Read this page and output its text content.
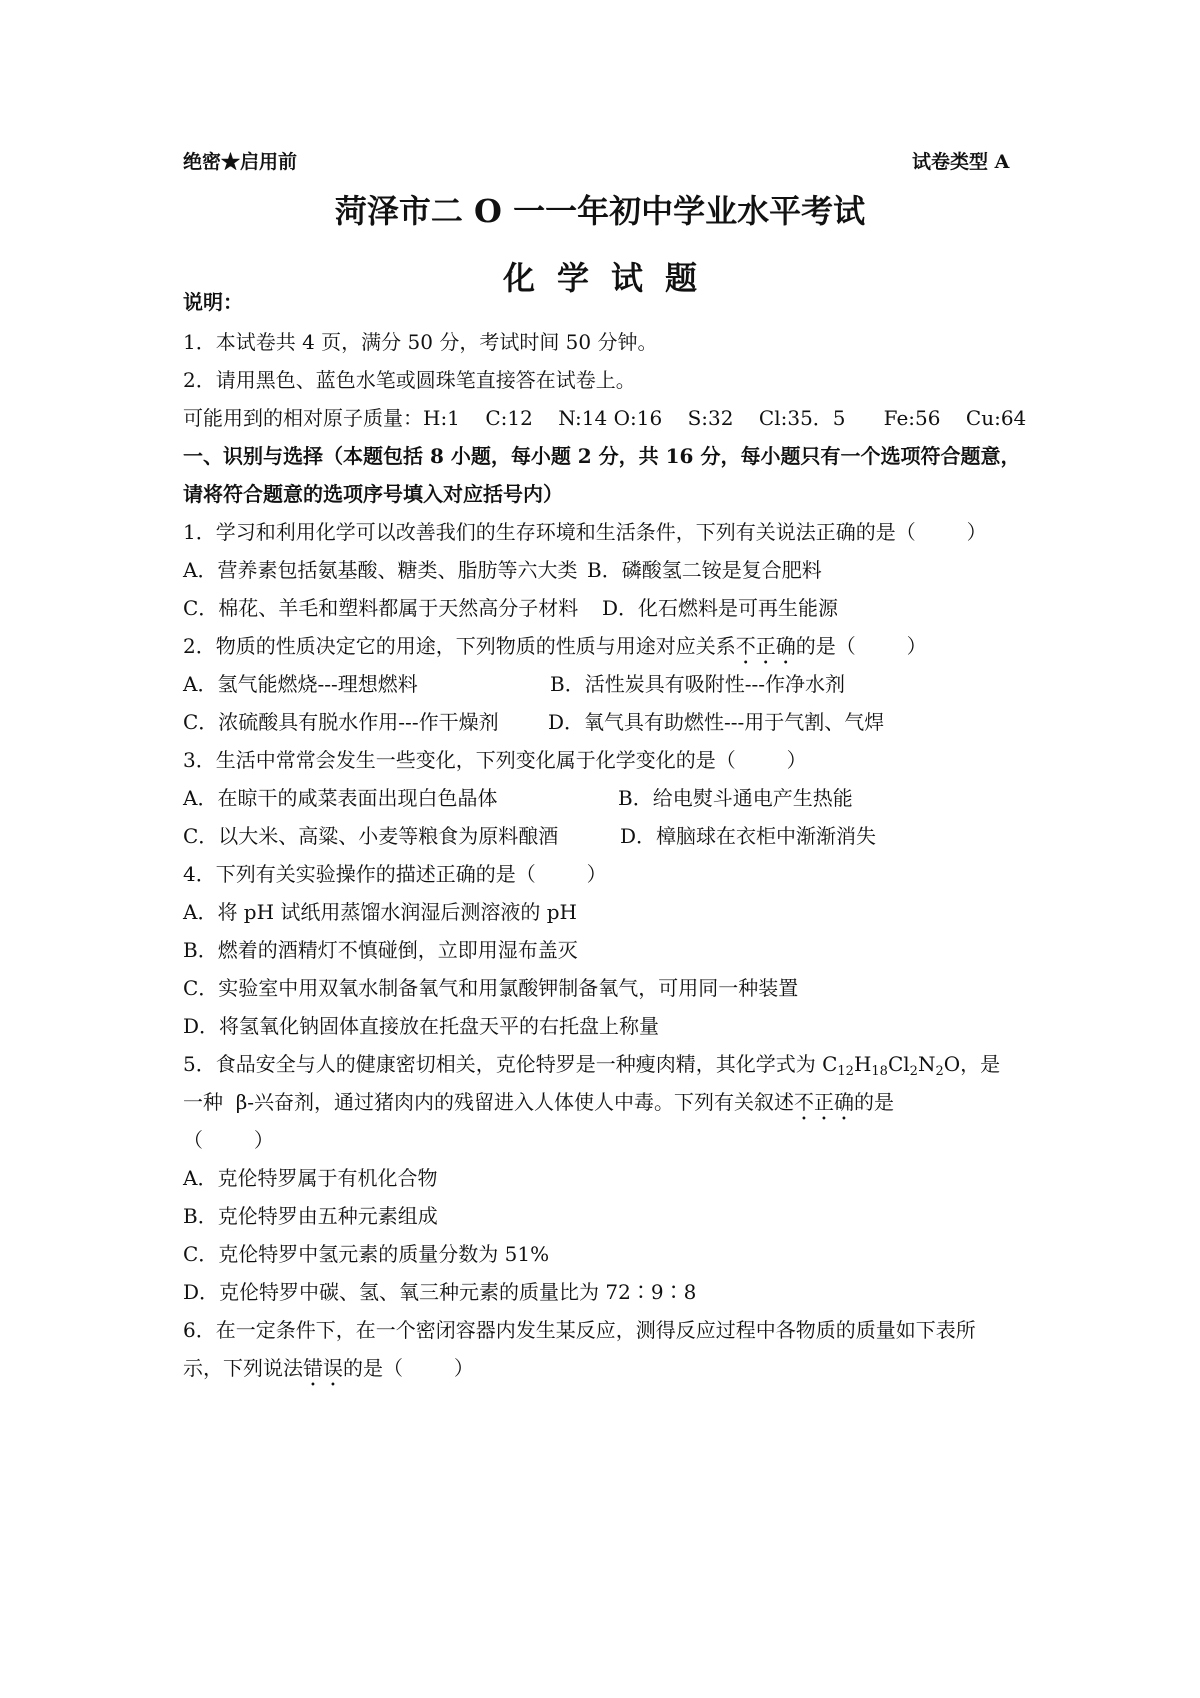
绝密★启用前	试卷类型 A
菏泽市二 O 一一年初中学业水平考试
化学试题
说明：
1．本试卷共 4 页，满分 50 分，考试时间 50 分钟。
2．请用黑色、蓝色水笔或圆珠笔直接答在试卷上。
可能用到的相对原子质量：H:1    C:12    N:14 O:16    S:32    Cl:35．5      Fe:56    Cu:64
一、识别与选择（本题包括 8 小题，每小题 2 分，共 16 分，每小题只有一个选项符合题意，
请将符合题意的选项序号填入对应括号内）
1．学习和利用化学可以改善我们的生存环境和生活条件，下列有关说法正确的是（        ）
A．营养素包括氨基酸、糖类、脂肪等六大类 B．磷酸氢二铵是复合肥料
C．棉花、羊毛和塑料都属于天然高分子材料 D．化石燃料是可再生能源
2．物质的性质决定它的用途，下列物质的性质与用途对应关系不正确的是（        ）
A．氢气能燃烧---理想燃料	B．活性炭具有吸附性---作净水剂
C．浓硫酸具有脱水作用---作干燥剂 D．氧气具有助燃性---用于气割、气焊
3．生活中常常会发生一些变化，下列变化属于化学变化的是（        ）
A．在晾干的咸菜表面出现白色晶体	B．给电熨斗通电产生热能
C．以大米、高粱、小麦等粮食为原料酿酒	D．樟脑球在衣柜中渐渐消失
4．下列有关实验操作的描述正确的是（        ）
A．将 pH 试纸用蒸馏水润湿后测溶液的 pH
B．燃着的酒精灯不慎碰倒，立即用湿布盖灭
C．实验室中用双氧水制备氧气和用氯酸钾制备氧气，可用同一种装置
D．将氢氧化钠固体直接放在托盘天平的右托盘上称量
5．食品安全与人的健康密切相关，克伦特罗是一种瘦肉精，其化学式为 $C_{12}H_{18}Cl_2N_2O$，是
一种  β-兴奋剂，通过猪肉内的残留进入人体使人中毒。下列有关叙述不正确的是
（        ）
A．克伦特罗属于有机化合物
B．克伦特罗由五种元素组成
C．克伦特罗中氢元素的质量分数为 51%
D．克伦特罗中碳、氢、氧三种元素的质量比为 72∶9∶8
6．在一定条件下，在一个密闭容器内发生某反应，测得反应过程中各物质的质量如下表所
示，下列说法错误的是（        ）
